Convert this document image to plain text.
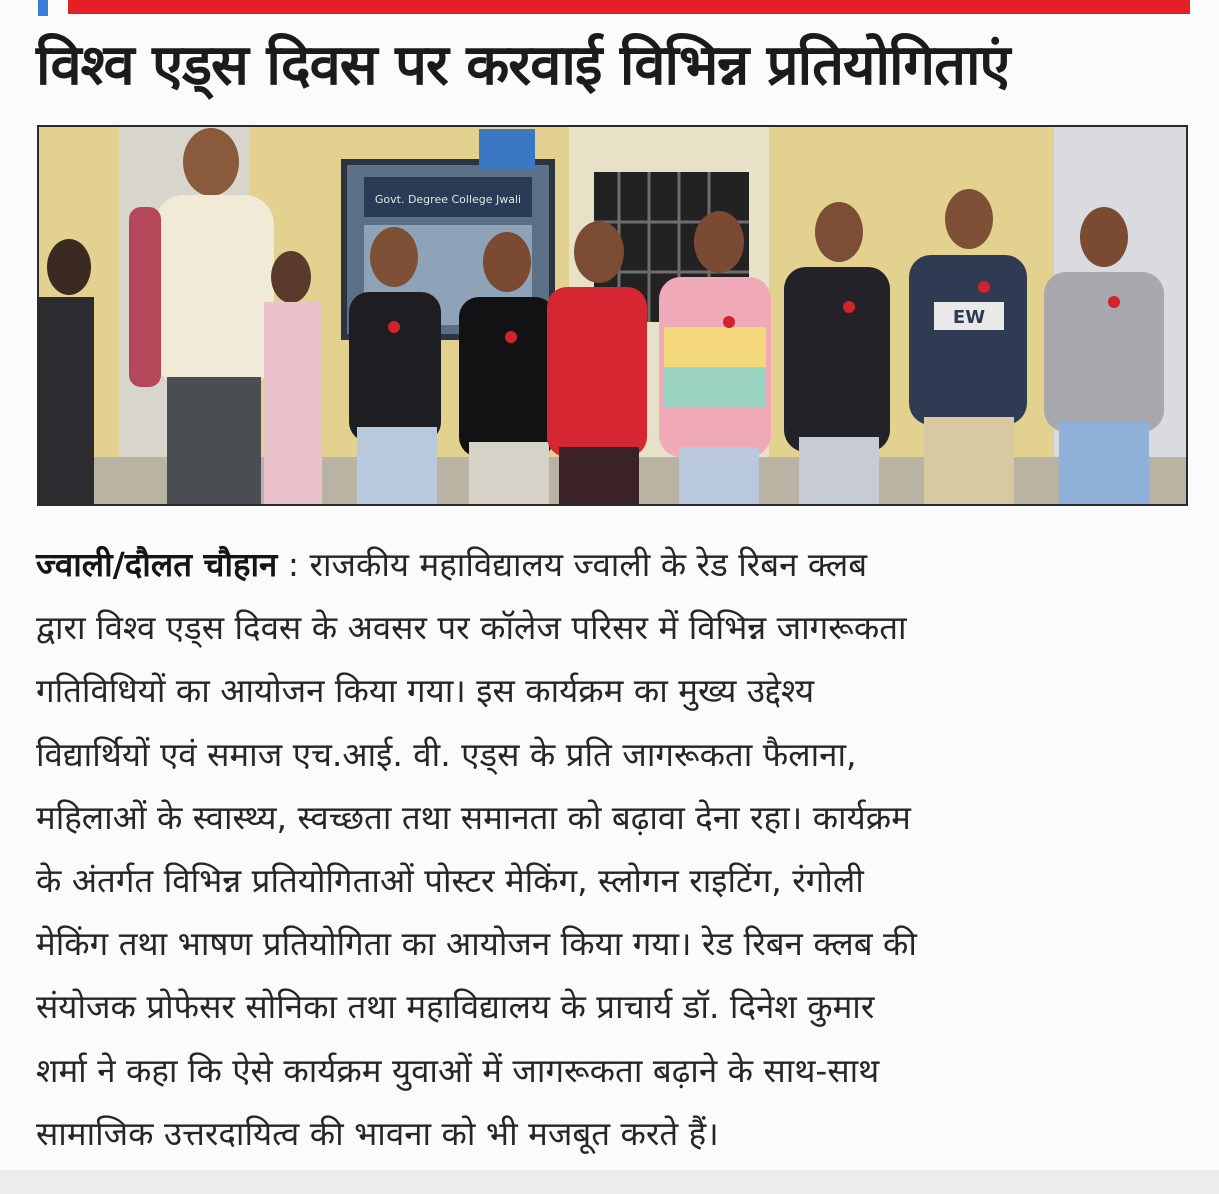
विश्व एड्स दिवस पर करवाई विभिन्न प्रतियोगिताएं
Govt. Degree College Jwali
EW
ज्वाली/दौलत चौहान : राजकीय महाविद्यालय ज्वाली के रेड रिबन क्लब
द्वारा विश्व एड्स दिवस के अवसर पर कॉलेज परिसर में विभिन्न जागरूकता
गतिविधियों का आयोजन किया गया। इस कार्यक्रम का मुख्य उद्देश्य
विद्यार्थियों एवं समाज एच.आई. वी. एड्स के प्रति जागरूकता फैलाना,
महिलाओं के स्वास्थ्य, स्वच्छता तथा समानता को बढ़ावा देना रहा। कार्यक्रम
के अंतर्गत विभिन्न प्रतियोगिताओं पोस्टर मेकिंग, स्लोगन राइटिंग, रंगोली
मेकिंग तथा भाषण प्रतियोगिता का आयोजन किया गया। रेड रिबन क्लब की
संयोजक प्रोफेसर सोनिका तथा महाविद्यालय के प्राचार्य डॉ. दिनेश कुमार
शर्मा ने कहा कि ऐसे कार्यक्रम युवाओं में जागरूकता बढ़ाने के साथ-साथ
सामाजिक उत्तरदायित्व की भावना को भी मजबूत करते हैं।
